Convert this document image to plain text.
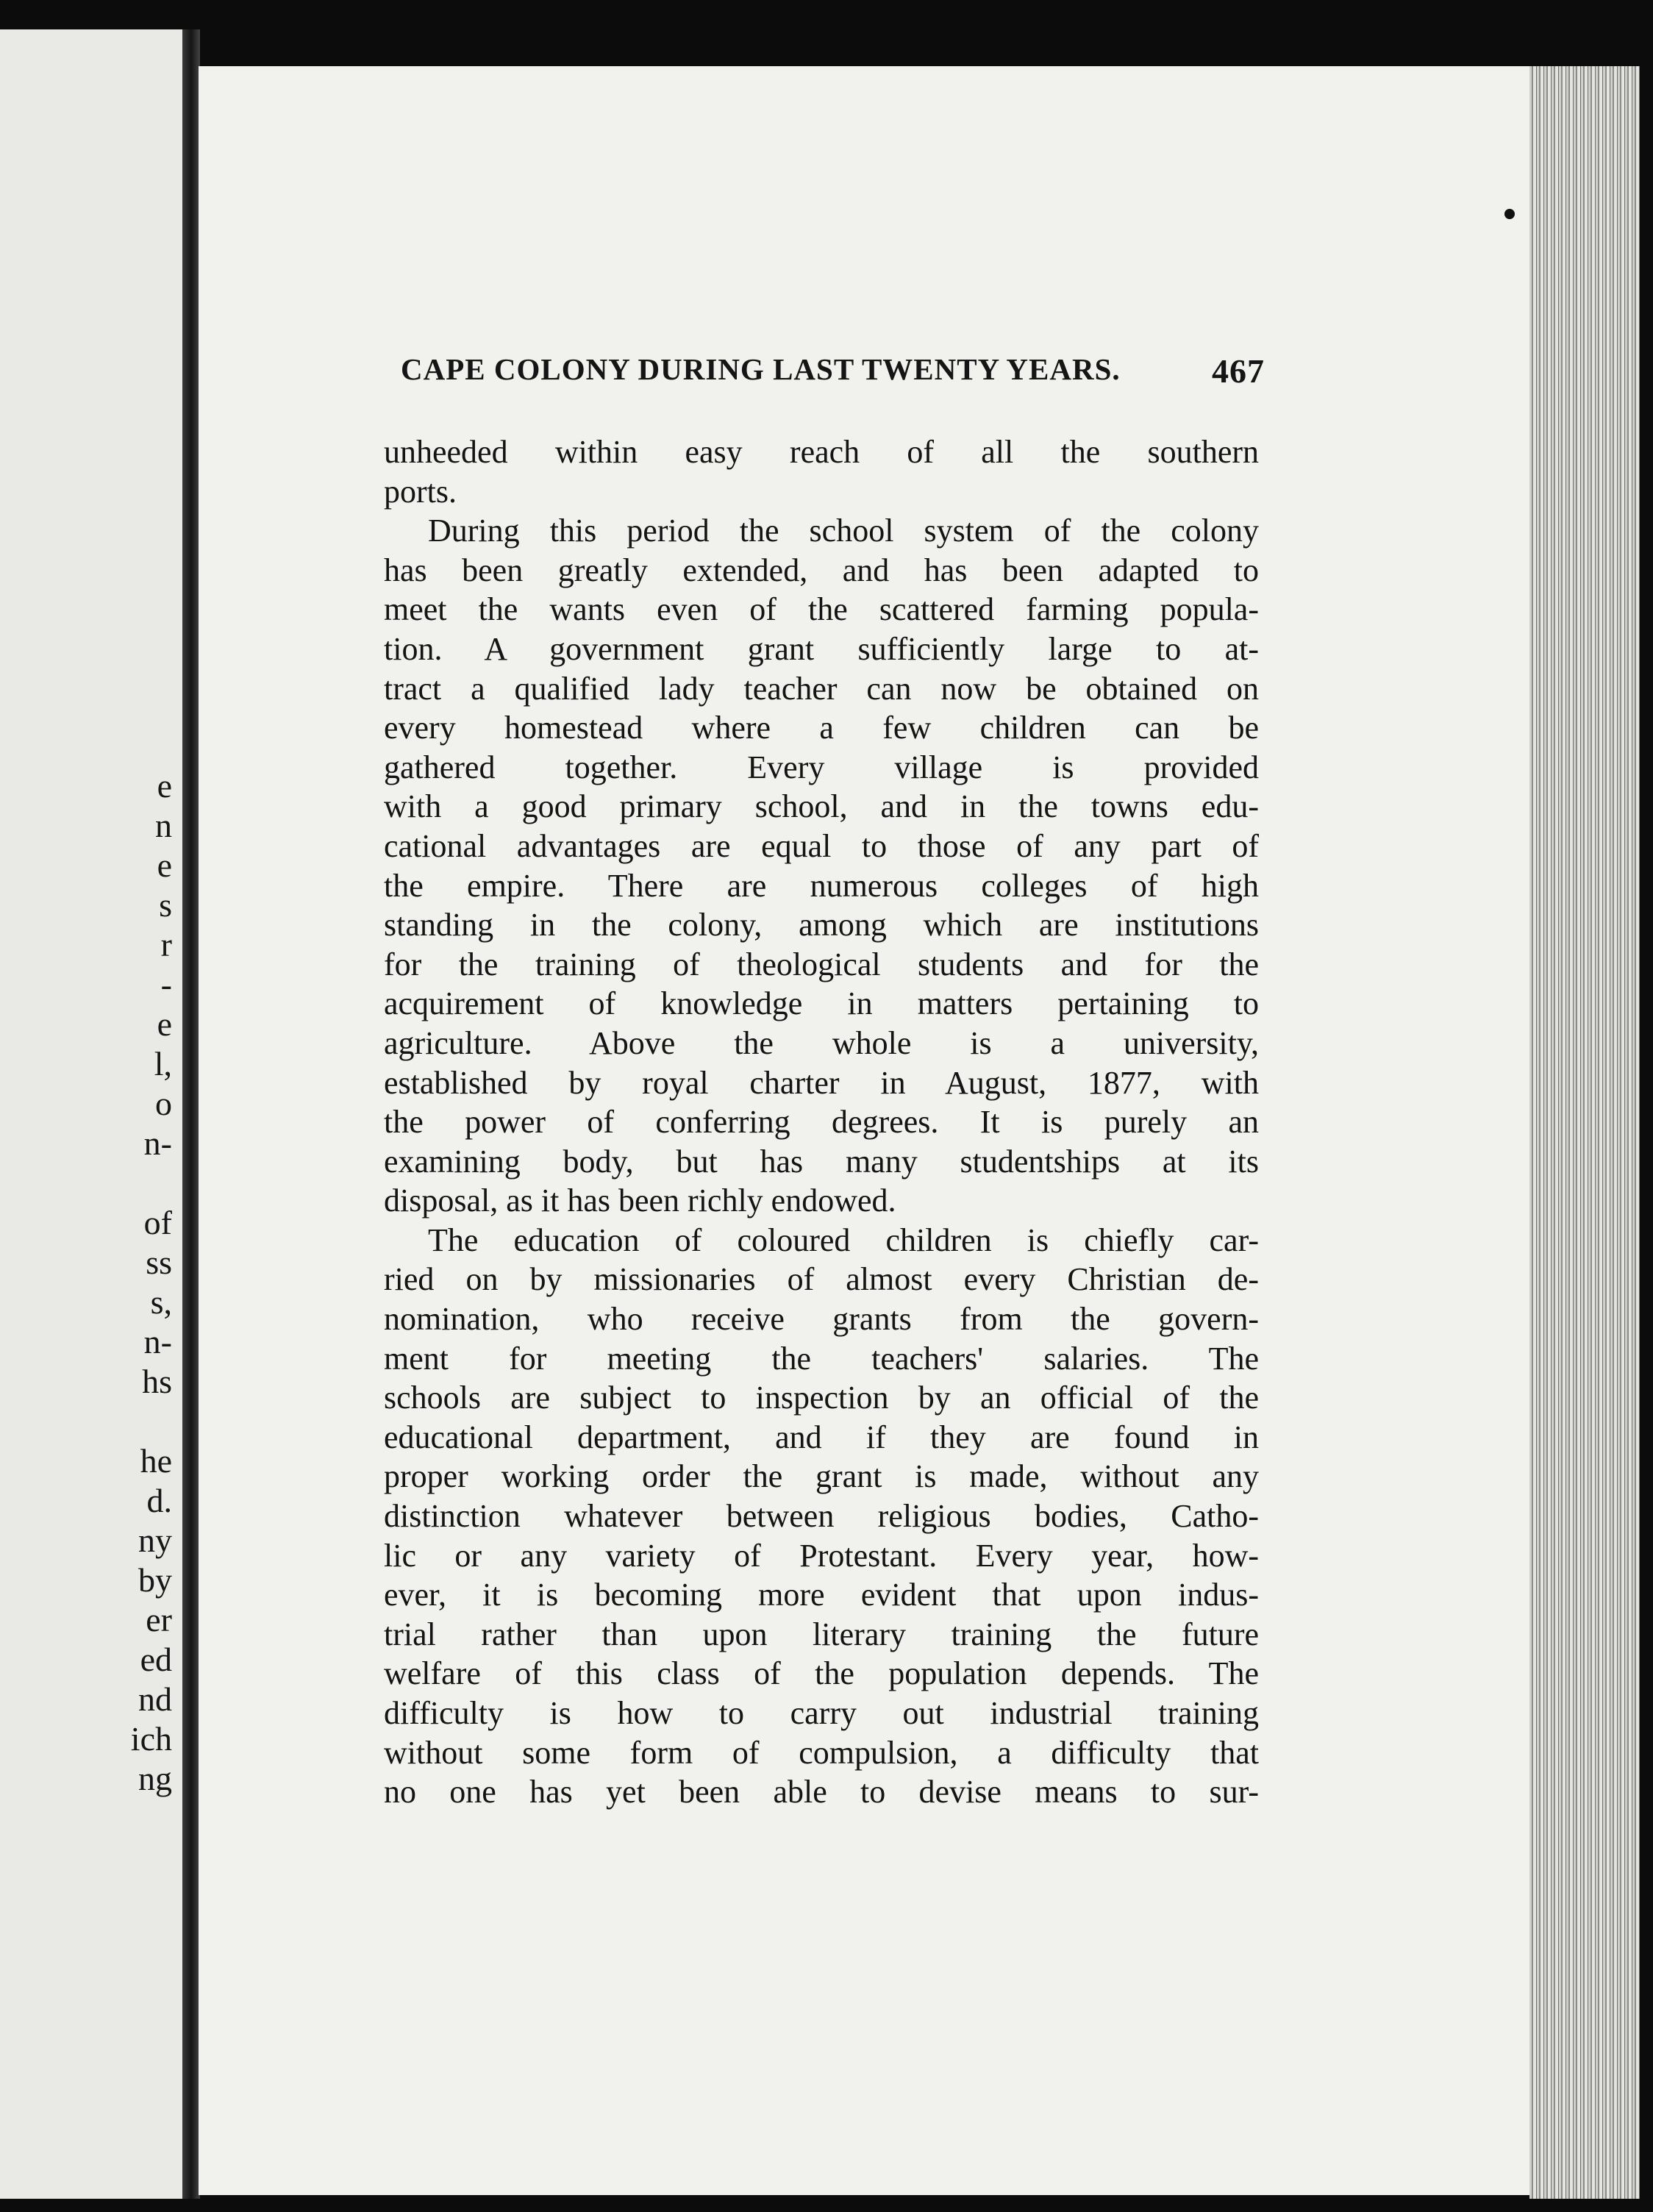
e
n
e
s
r
-
e
l,
o
n-
of
ss
s,
n-
hs
he
d.
ny
by
er
ed
nd
ich
ng
CAPE COLONY DURING LAST TWENTY YEARS.	467
unheeded within easy reach of all the southern
ports.
During this period the school system of the colony
has been greatly extended, and has been adapted to
meet the wants even of the scattered farming popula-
tion. A government grant sufficiently large to at-
tract a qualified lady teacher can now be obtained on
every homestead where a few children can be
gathered together. Every village is provided
with a good primary school, and in the towns edu-
cational advantages are equal to those of any part of
the empire. There are numerous colleges of high
standing in the colony, among which are institutions
for the training of theological students and for the
acquirement of knowledge in matters pertaining to
agriculture. Above the whole is a university,
established by royal charter in August, 1877, with
the power of conferring degrees. It is purely an
examining body, but has many studentships at its
disposal, as it has been richly endowed.
The education of coloured children is chiefly car-
ried on by missionaries of almost every Christian de-
nomination, who receive grants from the govern-
ment for meeting the teachers' salaries. The
schools are subject to inspection by an official of the
educational department, and if they are found in
proper working order the grant is made, without any
distinction whatever between religious bodies, Catho-
lic or any variety of Protestant. Every year, how-
ever, it is becoming more evident that upon indus-
trial rather than upon literary training the future
welfare of this class of the population depends. The
difficulty is how to carry out industrial training
without some form of compulsion, a difficulty that
no one has yet been able to devise means to sur-
